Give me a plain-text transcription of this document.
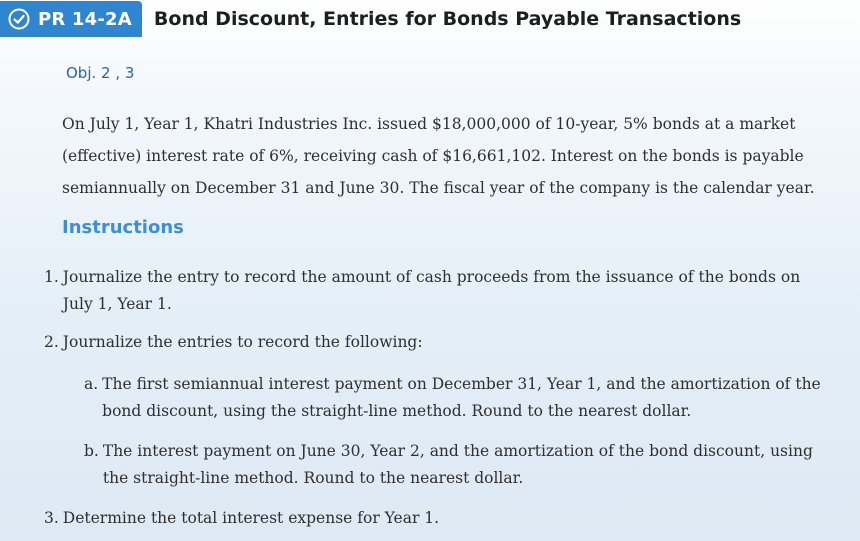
PR 14-2A Bond Discount, Entries for Bonds Payable Transactions
Obj. 2 , 3

On July 1, Year 1, Khatri Industries Inc. issued $18,000,000 of 10-year, 5% bonds at a market (effective) interest rate of 6%, receiving cash of $16,661,102. Interest on the bonds is payable semiannually on December 31 and June 30. The fiscal year of the company is the calendar year.

Instructions
1. Journalize the entry to record the amount of cash proceeds from the issuance of the bonds on July 1, Year 1.
2. Journalize the entries to record the following:
a. The first semiannual interest payment on December 31, Year 1, and the amortization of the bond discount, using the straight-line method. Round to the nearest dollar.
b. The interest payment on June 30, Year 2, and the amortization of the bond discount, using the straight-line method. Round to the nearest dollar.
3. Determine the total interest expense for Year 1.
